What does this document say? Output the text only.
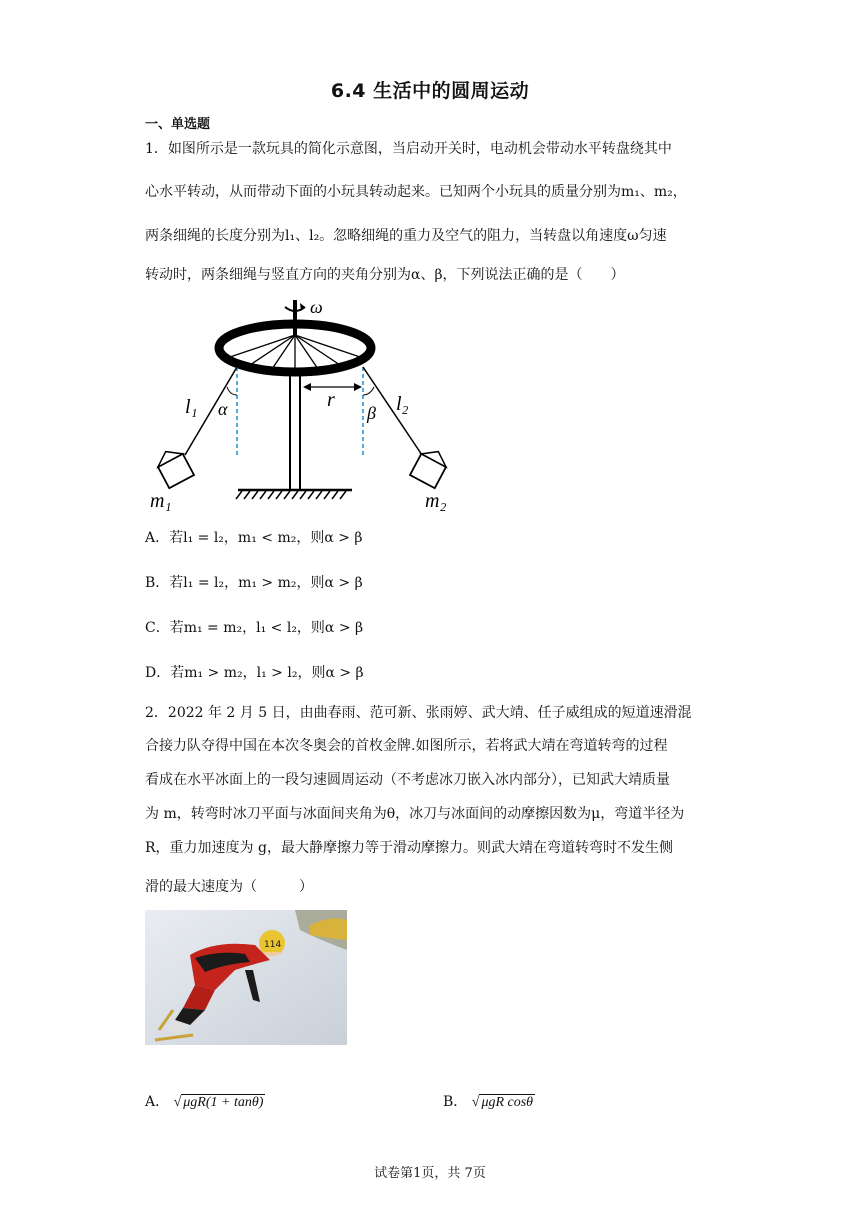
6.4 生活中的圆周运动
一、单选题
1．如图所示是一款玩具的简化示意图，当启动开关时，电动机会带动水平转盘绕其中
心水平转动，从而带动下面的小玩具转动起来。已知两个小玩具的质量分别为m₁、m₂，
两条细绳的长度分别为l₁、l₂。忽略细绳的重力及空气的阻力，当转盘以角速度ω匀速
转动时，两条细绳与竖直方向的夹角分别为α、β，下列说法正确的是（　　）
ω
r
l₁ α	β l₂
m₁	m₂
A．若l₁ = l₂，m₁ < m₂，则α > β
B．若l₁ = l₂，m₁ > m₂，则α > β
C．若m₁ = m₂，l₁ < l₂，则α > β
D．若m₁ > m₂，l₁ > l₂，则α > β
2．2022 年 2 月 5 日，由曲春雨、范可新、张雨婷、武大靖、任子威组成的短道速滑混
合接力队夺得中国在本次冬奥会的首枚金牌.如图所示，若将武大靖在弯道转弯的过程
看成在水平冰面上的一段匀速圆周运动（不考虑冰刀嵌入冰内部分），已知武大靖质量
为 m，转弯时冰刀平面与冰面间夹角为θ，冰刀与冰面间的动摩擦因数为μ，弯道半径为
R，重力加速度为 g，最大静摩擦力等于滑动摩擦力。则武大靖在弯道转弯时不发生侧
滑的最大速度为（　　　）
114
A． √ μgR(1 + tanθ)	B． √ μgR cosθ
试卷第1页，共 7页
